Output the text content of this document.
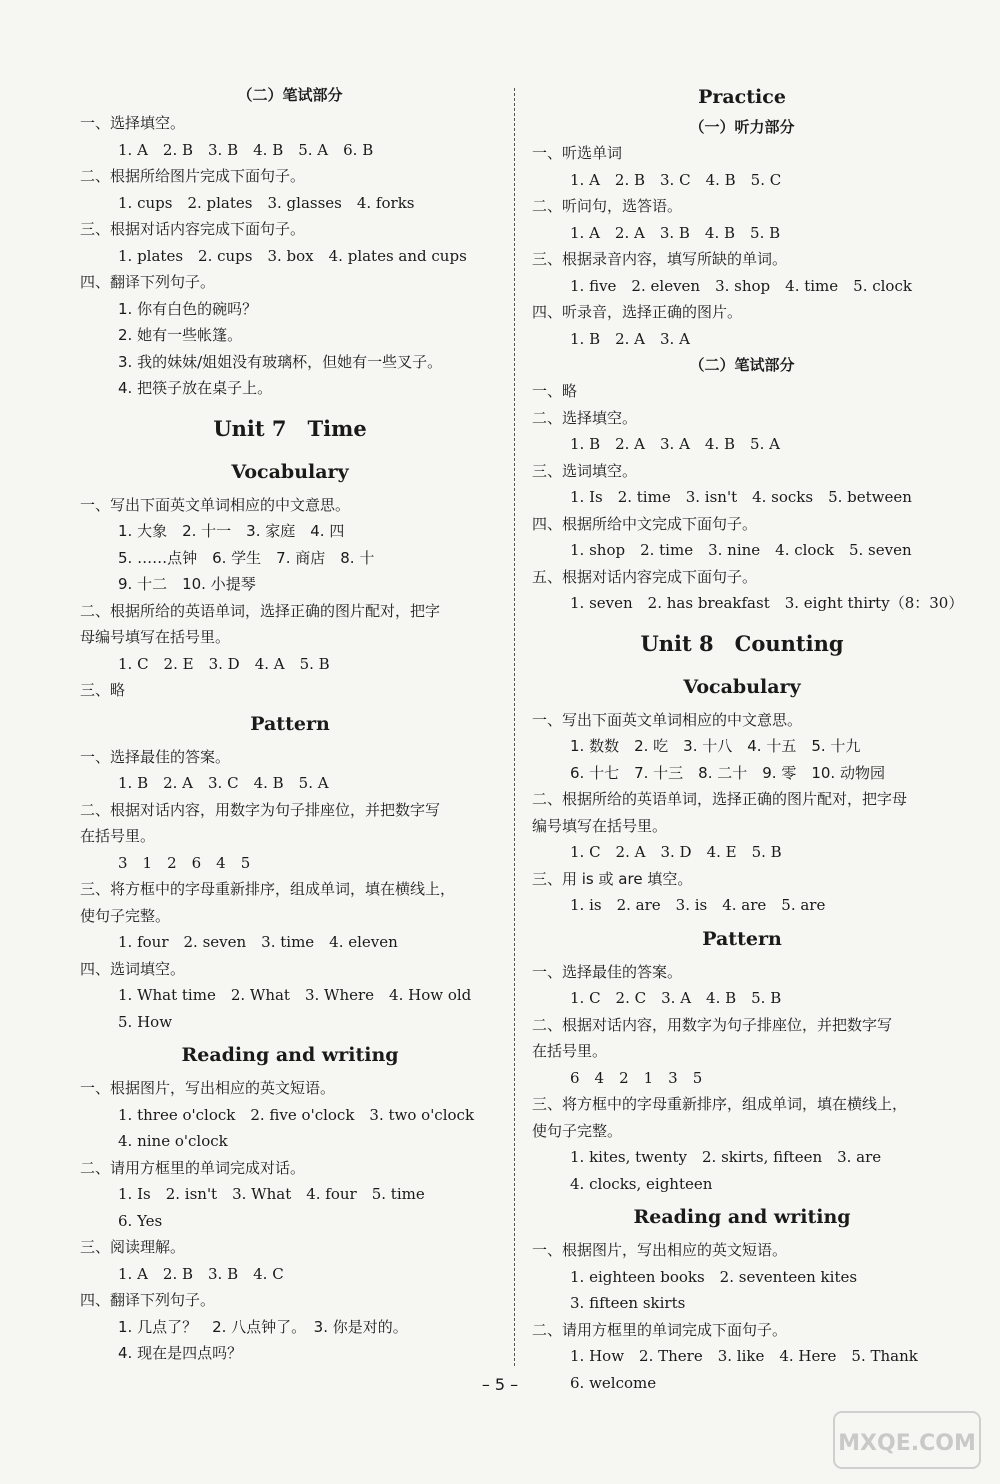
（二）笔试部分
一、选择填空。
1. A　2. B　3. B　4. B　5. A　6. B
二、根据所给图片完成下面句子。
1. cups　2. plates　3. glasses　4. forks
三、根据对话内容完成下面句子。
1. plates　2. cups　3. box　4. plates and cups
四、翻译下列句子。
1. 你有白色的碗吗？
2. 她有一些帐篷。
3. 我的妹妹/姐姐没有玻璃杯，但她有一些叉子。
4. 把筷子放在桌子上。
Unit 7　Time
Vocabulary
一、写出下面英文单词相应的中文意思。
1. 大象　2. 十一　3. 家庭　4. 四
5. ……点钟　6. 学生　7. 商店　8. 十
9. 十二　10. 小提琴
二、根据所给的英语单词，选择正确的图片配对，把字
母编号填写在括号里。
1. C　2. E　3. D　4. A　5. B
三、略
Pattern
一、选择最佳的答案。
1. B　2. A　3. C　4. B　5. A
二、根据对话内容，用数字为句子排座位，并把数字写
在括号里。
3　1　2　6　4　5
三、将方框中的字母重新排序，组成单词，填在横线上，
使句子完整。
1. four　2. seven　3. time　4. eleven
四、选词填空。
1. What time　2. What　3. Where　4. How old
5. How
Reading and writing
一、根据图片，写出相应的英文短语。
1. three o'clock　2. five o'clock　3. two o'clock
4. nine o'clock
二、请用方框里的单词完成对话。
1. Is　2. isn't　3. What　4. four　5. time
6. Yes
三、阅读理解。
1. A　2. B　3. B　4. C
四、翻译下列句子。
1. 几点了？　2. 八点钟了。　3. 你是对的。
4. 现在是四点吗？
Practice
（一）听力部分
一、听选单词
1. A　2. B　3. C　4. B　5. C
二、听问句，选答语。
1. A　2. A　3. B　4. B　5. B
三、根据录音内容，填写所缺的单词。
1. five　2. eleven　3. shop　4. time　5. clock
四、听录音，选择正确的图片。
1. B　2. A　3. A
（二）笔试部分
一、略
二、选择填空。
1. B　2. A　3. A　4. B　5. A
三、选词填空。
1. Is　2. time　3. isn't　4. socks　5. between
四、根据所给中文完成下面句子。
1. shop　2. time　3. nine　4. clock　5. seven
五、根据对话内容完成下面句子。
1. seven　2. has breakfast　3. eight thirty（8：30）
Unit 8　Counting
Vocabulary
一、写出下面英文单词相应的中文意思。
1. 数数　2. 吃　3. 十八　4. 十五　5. 十九
6. 十七　7. 十三　8. 二十　9. 零　10. 动物园
二、根据所给的英语单词，选择正确的图片配对，把字母
编号填写在括号里。
1. C　2. A　3. D　4. E　5. B
三、用 is 或 are 填空。
1. is　2. are　3. is　4. are　5. are
Pattern
一、选择最佳的答案。
1. C　2. C　3. A　4. B　5. B
二、根据对话内容，用数字为句子排座位，并把数字写
在括号里。
6　4　2　1　3　5
三、将方框中的字母重新排序，组成单词，填在横线上，
使句子完整。
1. kites, twenty　2. skirts, fifteen　3. are
4. clocks, eighteen
Reading and writing
一、根据图片，写出相应的英文短语。
1. eighteen books　2. seventeen kites
3. fifteen skirts
二、请用方框里的单词完成下面句子。
1. How　2. There　3. like　4. Here　5. Thank
6. welcome
– 5 –
MXQE.COM
